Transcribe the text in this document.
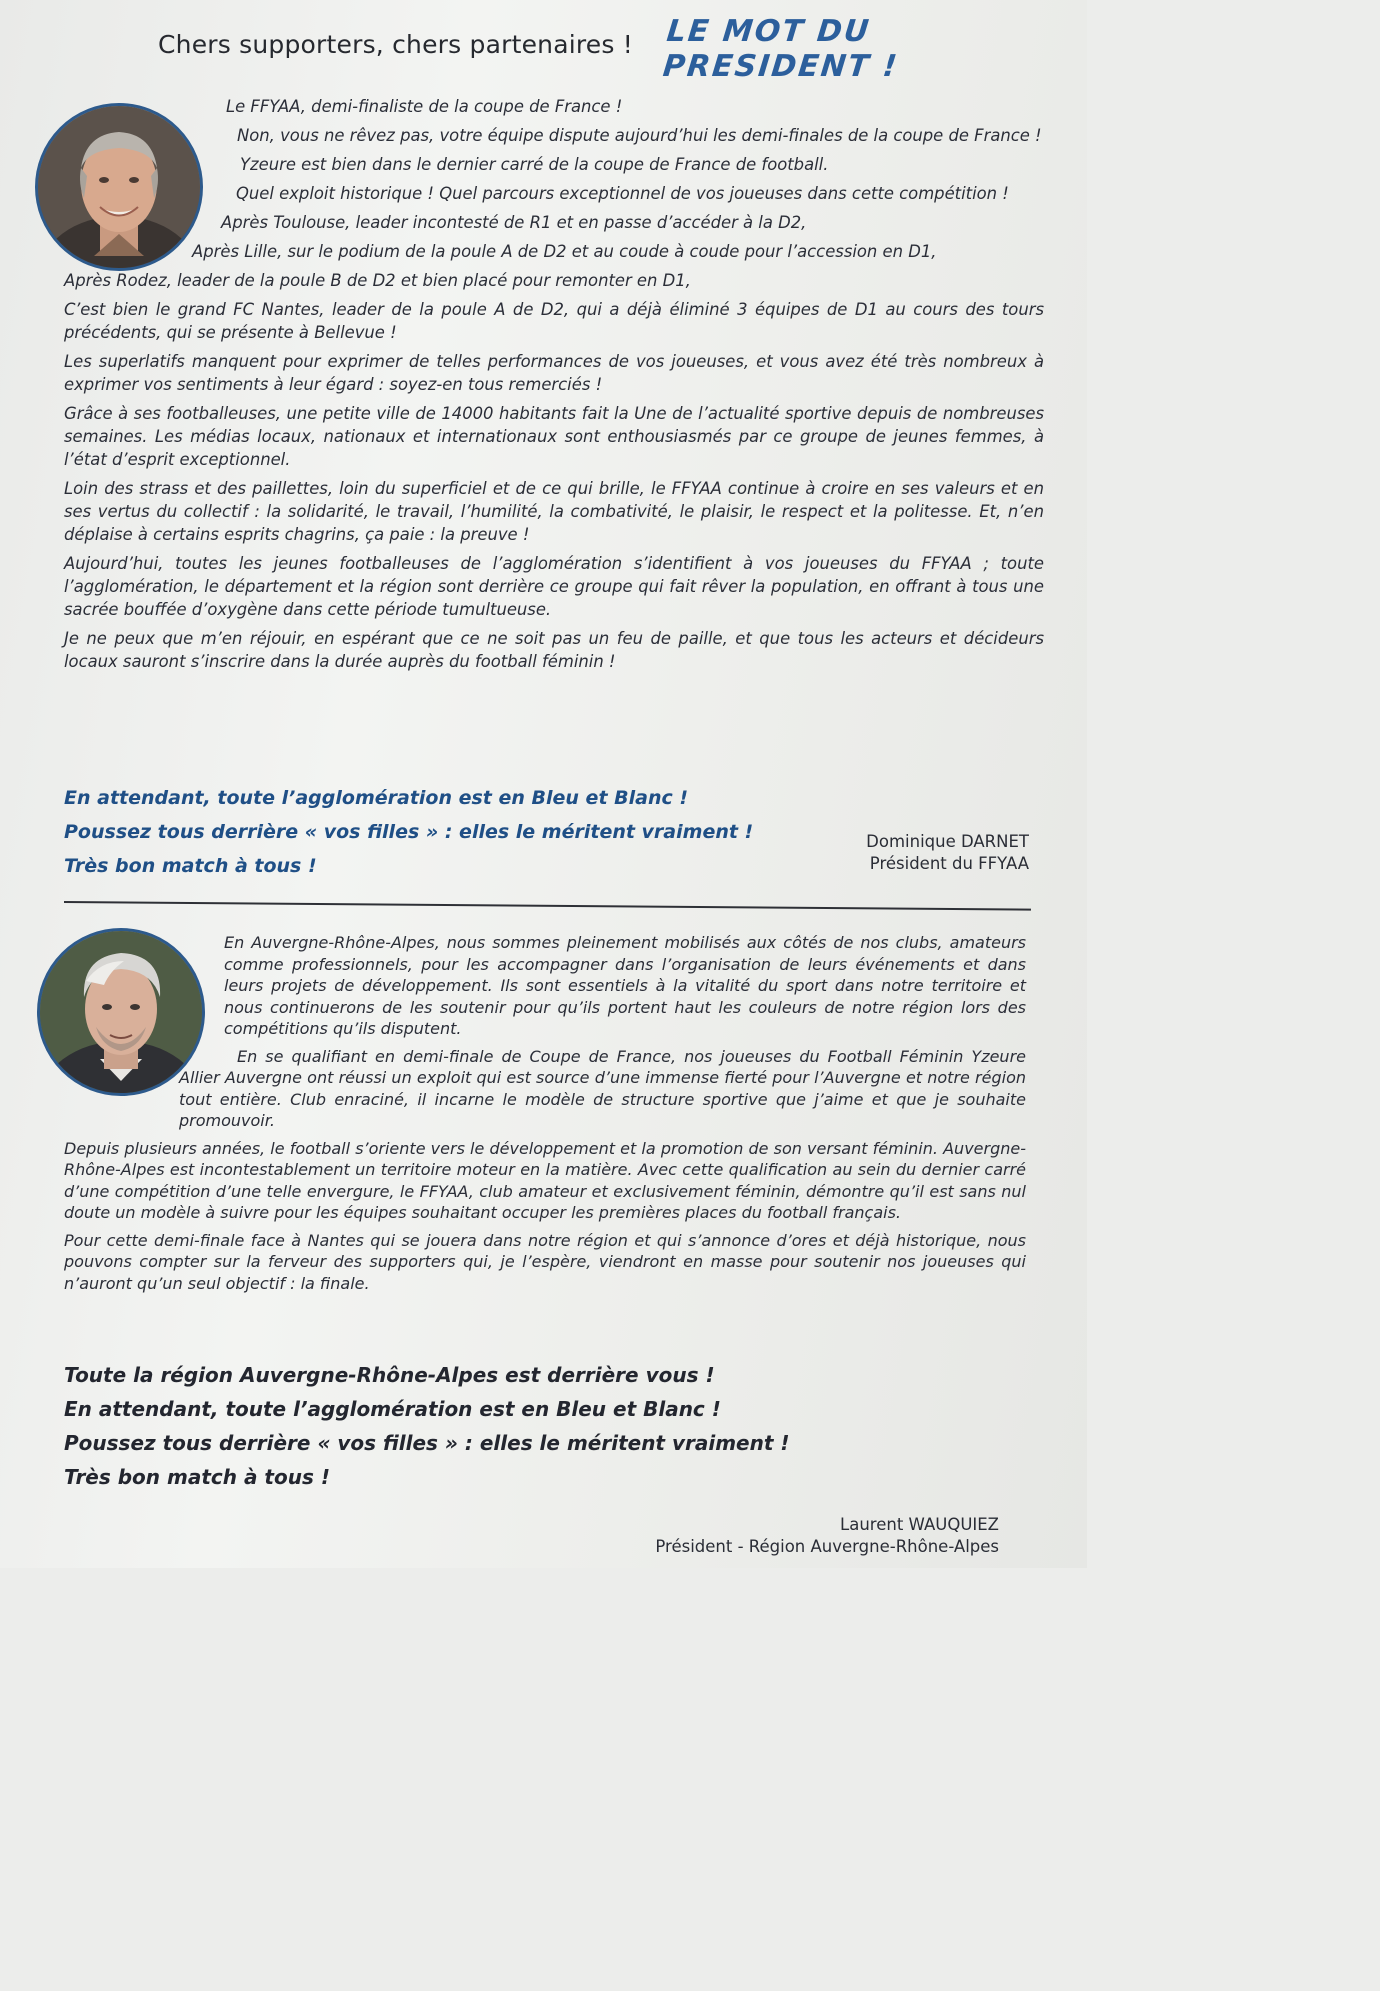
Chers supporters, chers partenaires ! LE MOT DU PRESIDENT !

Le FFYAA, demi-finaliste de la coupe de France !

Non, vous ne rêvez pas, votre équipe dispute aujourd’hui les demi-finales de la coupe de France !

Yzeure est bien dans le dernier carré de la coupe de France de football.

Quel exploit historique ! Quel parcours exceptionnel de vos joueuses dans cette compétition !

Après Toulouse, leader incontesté de R1 et en passe d’accéder à la D2,

Après Lille, sur le podium de la poule A de D2 et au coude à coude pour l’accession en D1,

Après Rodez, leader de la poule B de D2 et bien placé pour remonter en D1,

C’est bien le grand FC Nantes, leader de la poule A de D2, qui a déjà éliminé 3 équipes de D1 au cours des tours précédents, qui se présente à Bellevue !

Les superlatifs manquent pour exprimer de telles performances de vos joueuses, et vous avez été très nombreux à exprimer vos sentiments à leur égard : soyez-en tous remerciés !

Grâce à ses footballeuses, une petite ville de 14000 habitants fait la Une de l’actualité sportive depuis de nombreuses semaines. Les médias locaux, nationaux et internationaux sont enthousiasmés par ce groupe de jeunes femmes, à l’état d’esprit exceptionnel.

Loin des strass et des paillettes, loin du superficiel et de ce qui brille, le FFYAA continue à croire en ses valeurs et en ses vertus du collectif : la solidarité, le travail, l’humilité, la combativité, le plaisir, le respect et la politesse. Et, n’en déplaise à certains esprits chagrins, ça paie : la preuve !

Aujourd’hui, toutes les jeunes footballeuses de l’agglomération s’identifient à vos joueuses du FFYAA ; toute l’agglomération, le département et la région sont derrière ce groupe qui fait rêver la population, en offrant à tous une sacrée bouffée d’oxygène dans cette période tumultueuse.

Je ne peux que m’en réjouir, en espérant que ce ne soit pas un feu de paille, et que tous les acteurs et décideurs locaux sauront s’inscrire dans la durée auprès du football féminin !

En attendant, toute l’agglomération est en Bleu et Blanc !
Poussez tous derrière « vos filles » : elles le méritent vraiment !
Très bon match à tous !
Dominique DARNET
Président du FFYAA

En Auvergne-Rhône-Alpes, nous sommes pleinement mobilisés aux côtés de nos clubs, amateurs comme professionnels, pour les accompagner dans l’organisation de leurs événements et dans leurs projets de développement. Ils sont essentiels à la vitalité du sport dans notre territoire et nous continuerons de les soutenir pour qu’ils portent haut les couleurs de notre région lors des compétitions qu’ils disputent.

En se qualifiant en demi-finale de Coupe de France, nos joueuses du Football Féminin Yzeure Allier Auvergne ont réussi un exploit qui est source d’une immense fierté pour l’Auvergne et notre région tout entière. Club enraciné, il incarne le modèle de structure sportive que j’aime et que je souhaite promouvoir.

Depuis plusieurs années, le football s’oriente vers le développement et la promotion de son versant féminin. Auvergne-Rhône-Alpes est incontestablement un territoire moteur en la matière. Avec cette qualification au sein du dernier carré d’une compétition d’une telle envergure, le FFYAA, club amateur et exclusivement féminin, démontre qu’il est sans nul doute un modèle à suivre pour les équipes souhaitant occuper les premières places du football français.

Pour cette demi-finale face à Nantes qui se jouera dans notre région et qui s’annonce d’ores et déjà historique, nous pouvons compter sur la ferveur des supporters qui, je l’espère, viendront en masse pour soutenir nos joueuses qui n’auront qu’un seul objectif : la finale.

Toute la région Auvergne-Rhône-Alpes est derrière vous !
En attendant, toute l’agglomération est en Bleu et Blanc !
Poussez tous derrière « vos filles » : elles le méritent vraiment !
Très bon match à tous !
Laurent WAUQUIEZ
Président - Région Auvergne-Rhône-Alpes
